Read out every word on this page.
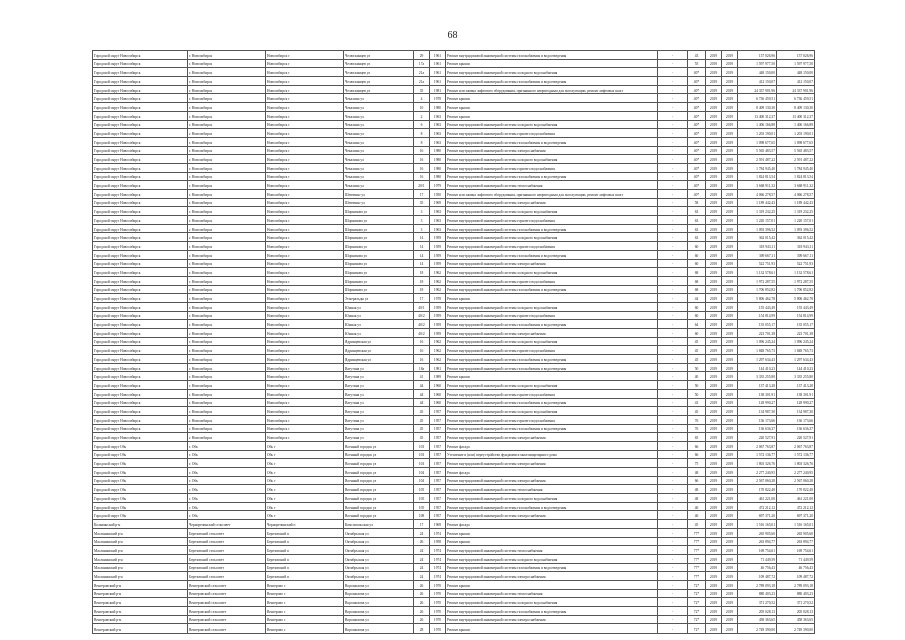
68
Городской округ Новосибирск	г. Новосибирск	Новосибирск г	Челюскинцев ул	29	1961	Ремонт внутридомовой инженерной системы газоснабжения и водоотведения	-	43	2019	2019	157 026,96	157 026,96
Городской округ Новосибирск	г. Новосибирск	Новосибирск г	Челюскинцев ул	17а	1961	Ремонт крыши	-	55	2019	2019	1 597 977,50	1 597 977,50
Городской округ Новосибирск	г. Новосибирск	Новосибирск г	Челюскинцев ул	21а	1961	Ремонт внутридомовой инженерной системы холодного водоснабжения	-	40*	2019	2019	448 150,00	448 150,00
Городской округ Новосибирск	г. Новосибирск	Новосибирск г	Челюскинцев ул	21а	1961	Ремонт внутридомовой инженерной системы газоснабжения и водоотведения	-	40*	2019	2019	412 150,07	412 150,07
Городской округ Новосибирск	г. Новосибирск	Новосибирск г	Челюскинцев ул	35	1981	Ремонт или замена лифтового оборудования, признанного непригодным для эксплуатации, ремонт лифтовых шахт	-	40*	2019	2019	24 337 901,96	24 337 901,96
Городской округ Новосибирск	г. Новосибирск	Новосибирск г	Чекалина ул	4	1978	Ремонт крыши	-	40*	2019	2019	6 736 459,51	6 736 459,51
Городской округ Новосибирск	г. Новосибирск	Новосибирск г	Чекалина ул	10	1980	Ремонт крыши	-	40*	2019	2019	8 409 130,30	8 409 130,30
Городской округ Новосибирск	г. Новосибирск	Новосибирск г	Чекалина ул	2	1963	Ремонт крыши	-	40*	2019	2019	13 400 312,37	13 400 312,37
Городской округ Новосибирск	г. Новосибирск	Новосибирск г	Чекалина ул	6	1963	Ремонт внутридомовой инженерной системы холодного водоснабжения	-	40*	2019	2019	1 406 166,88	1 406 166,88
Городской округ Новосибирск	г. Новосибирск	Новосибирск г	Чекалина ул	8	1963	Ремонт внутридомовой инженерной системы горячего водоснабжения	-	40*	2019	2019	1 203 190,01	1 203 190,01
Городской округ Новосибирск	г. Новосибирск	Новосибирск г	Чекалина ул	8	1963	Ремонт внутридомовой инженерной системы газоснабжения и водоотведения	-	40*	2019	2019	1 098 677,65	1 098 677,65
Городской округ Новосибирск	г. Новосибирск	Новосибирск г	Чекалина ул	16	1980	Ремонт внутридомовой инженерной системы электроснабжения	-	40*	2019	2019	5 565 483,57	5 565 483,57
Городской округ Новосибирск	г. Новосибирск	Новосибирск г	Чекалина ул	16	1980	Ремонт внутридомовой инженерной системы холодного водоснабжения	-	40*	2019	2019	2 591 487,22	2 591 487,22
Городской округ Новосибирск	г. Новосибирск	Новосибирск г	Чекалина ул	16	1980	Ремонт внутридомовой инженерной системы горячего водоснабжения	-	40*	2019	2019	1 784 945,40	1 784 945,40
Городской округ Новосибирск	г. Новосибирск	Новосибирск г	Чекалина ул	16	1980	Ремонт внутридомовой инженерной системы газоснабжения и водоотведения	-	40*	2019	2019	1 824 813,54	1 824 813,54
Городской округ Новосибирск	г. Новосибирск	Новосибирск г	Чекалина ул	20/1	1979	Ремонт внутридомовой инженерной системы теплоснабжения	-	40*	2019	2019	3 668 911,32	3 668 911,32
Городской округ Новосибирск	г. Новосибирск	Новосибирск г	Шевченко ул	17	1950	Ремонт или замена лифтового оборудования, признанного непригодным для эксплуатации, ремонт лифтовых шахт	-	40*	2019	2019	4 066 278,57	4 066 278,57
Городской округ Новосибирск	г. Новосибирск	Новосибирск г	Шевченко ул	35	1969	Ремонт внутридомовой инженерной системы электроснабжения	-	58	2019	2019	1 189 442,43	1 189 442,43
Городской округ Новосибирск	г. Новосибирск	Новосибирск г	Шорникова ул	3	1963	Ремонт внутридомовой инженерной системы холодного водоснабжения	-	63	2019	2019	1 319 232,25	1 319 232,25
Городской округ Новосибирск	г. Новосибирск	Новосибирск г	Шорникова ул	3	1963	Ремонт внутридомовой инженерной системы горячего водоснабжения	-	63	2019	2019	1 220 157,01	1 220 157,01
Городской округ Новосибирск	г. Новосибирск	Новосибирск г	Шорникова ул	3	1963	Ремонт внутридомовой инженерной системы газоснабжения и водоотведения	-	63	2019	2019	1 093 396,52	1 093 396,52
Городской округ Новосибирск	г. Новосибирск	Новосибирск г	Шорникова ул	14	1959	Ремонт внутридомовой инженерной системы холодного водоснабжения	-	63	2019	2019	362 015,42	362 015,42
Городской округ Новосибирск	г. Новосибирск	Новосибирск г	Шорникова ул	14	1959	Ремонт внутридомовой инженерной системы горячего водоснабжения	-	60	2019	2019	318 943,11	318 943,11
Городской округ Новосибирск	г. Новосибирск	Новосибирск г	Шорникова ул	14	1959	Ремонт внутридомовой инженерной системы газоснабжения и водоотведения	-	60	2019	2019	309 667,11	309 667,11
Городской округ Новосибирск	г. Новосибирск	Новосибирск г	Шорникова ул	14	1959	Ремонт внутридомовой инженерной системы электроснабжения	-	60	2019	2019	522 751,93	522 751,93
Городской округ Новосибирск	г. Новосибирск	Новосибирск г	Шорникова ул	18	1962	Ремонт внутридомовой инженерной системы холодного водоснабжения	-	68	2019	2019	1 132 578,61	1 132 578,61
Городской округ Новосибирск	г. Новосибирск	Новосибирск г	Шорникова ул	18	1962	Ремонт внутридомовой инженерной системы горячего водоснабжения	-	68	2019	2019	1 972 287,55	1 972 287,55
Городской округ Новосибирск	г. Новосибирск	Новосибирск г	Шорникова ул	18	1962	Ремонт внутридомовой инженерной системы газоснабжения и водоотведения	-	68	2019	2019	1 706 852,82	1 706 852,82
Городской округ Новосибирск	г. Новосибирск	Новосибирск г	Эсмеральды ул	17	1978	Ремонт крыши	-	44	2019	2019	5 806 462,78	5 806 462,78
Городской округ Новосибирск	г. Новосибирск	Новосибирск г	Южная ул	40/1	1959	Ремонт внутридомовой инженерной системы холодного водоснабжения	-	60	2019	2019	155 443,49	155 443,49
Городской округ Новосибирск	г. Новосибирск	Новосибирск г	Южная ул	40/2	1959	Ремонт внутридомовой инженерной системы горячего водоснабжения	-	60	2019	2019	154 814,99	154 814,99
Городской округ Новосибирск	г. Новосибирск	Новосибирск г	Южная ул	40/2	1959	Ремонт внутридомовой инженерной системы газоснабжения и водоотведения	-	64	2019	2019	135 055,17	135 055,17
Городской округ Новосибирск	г. Новосибирск	Новосибирск г	Южная ул	40/2	1959	Ремонт внутридомовой инженерной системы электроснабжения	-	60	2019	2019	223 701,38	223 701,38
Городской округ Новосибирск	г. Новосибирск	Новосибирск г	Ядринцевская ул	16	1962	Ремонт внутридомовой инженерной системы холодного водоснабжения	-	45	2019	2019	1 096 245,24	1 096 245,24
Городской округ Новосибирск	г. Новосибирск	Новосибирск г	Ядринцевская ул	16	1962	Ремонт внутридомовой инженерной системы горячего водоснабжения	-	45	2019	2019	1 848 765,73	1 848 765,73
Городской округ Новосибирск	г. Новосибирск	Новосибирск г	Ядринцевская ул	16	1962	Ремонт внутридомовой инженерной системы газоснабжения и водоотведения	-	45	2019	2019	1 297 634,43	1 297 634,43
Городской округ Новосибирск	г. Новосибирск	Новосибирск г	Ватутина ул	18а	1981	Ремонт внутридомовой инженерной системы газоснабжения и водоотведения	-	50	2019	2019	144 410,23	144 410,23
Городской округ Новосибирск	г. Новосибирск	Новосибирск г	Ватутина ул	41	1989	Ремонт крыши	-	40	2019	2019	3 335 255,80	3 335 255,80
Городской округ Новосибирск	г. Новосибирск	Новосибирск г	Ватутина ул	44	1960	Ремонт внутридомовой инженерной системы холодного водоснабжения	-	50	2019	2019	137 413,28	137 413,28
Городской округ Новосибирск	г. Новосибирск	Новосибирск г	Ватутина ул	44	1960	Ремонт внутридомовой инженерной системы горячего водоснабжения	-	50	2019	2019	138 301,91	138 301,91
Городской округ Новосибирск	г. Новосибирск	Новосибирск г	Ватутина ул	44	1960	Ремонт внутридомовой инженерной системы газоснабжения и водоотведения	-	43	2019	2019	128 990,27	128 990,27
Городской округ Новосибирск	г. Новосибирск	Новосибирск г	Ватутина ул	45	1957	Ремонт внутридомовой инженерной системы холодного водоснабжения	-	45	2019	2019	134 987,30	134 987,30
Городской округ Новосибирск	г. Новосибирск	Новосибирск г	Ватутина ул	45	1957	Ремонт внутридомовой инженерной системы горячего водоснабжения	-	76	2019	2019	136 173,66	136 173,66
Городской округ Новосибирск	г. Новосибирск	Новосибирск г	Ватутина ул	45	1957	Ремонт внутридомовой инженерной системы газоснабжения и водоотведения	-	76	2019	2019	136 636,37	136 636,37
Городской округ Новосибирск	г. Новосибирск	Новосибирск г	Ватутина ул	45	1957	Ремонт внутридомовой инженерной системы электроснабжения	-	65	2019	2019	220 527,91	220 527,91
Городской округ Обь	г. Обь	Обь г	Военный городок ул	103	1957	Ремонт фасада	-	66	2019	2019	2 067 763,87	2 067 763,87
Городской округ Обь	г. Обь	Обь г	Военный городок ул	103	1957	Утепление и (или) переустройство фундамента многоквартирного дома	-	66	2019	2019	1 572 136,77	1 572 136,77
Городской округ Обь	г. Обь	Обь г	Военный городок ул	103	1957	Ремонт внутридомовой инженерной системы электроснабжения	-	75	2019	2019	1 803 326,76	1 803 326,76
Городской округ Обь	г. Обь	Обь г	Военный городок ул	104	1957	Ремонт фасада	-	48	2019	2019	2 277 240,95	2 277 240,95
Городской округ Обь	г. Обь	Обь г	Военный городок ул	104	1957	Ремонт внутридомовой инженерной системы электроснабжения	-	66	2019	2019	2 567 060,28	2 567 060,28
Городской округ Обь	г. Обь	Обь г	Военный городок ул	105	1957	Ремонт внутридомовой инженерной системы теплоснабжения	-	48	2019	2019	170 822,40	170 822,40
Городской округ Обь	г. Обь	Обь г	Военный городок ул	105	1957	Ремонт внутридомовой инженерной системы холодного водоснабжения	-	48	2019	2019	461 221,00	461 221,00
Городской округ Обь	г. Обь	Обь г	Военный городок ул	105	1957	Ремонт внутридомовой инженерной системы газоснабжения и водоотведения	-	46	2019	2019	472 212,12	472 212,12
Городской округ Обь	г. Обь	Обь г	Военный городок ул	108	1957	Ремонт внутридомовой инженерной системы электроснабжения	-	46	2019	2019	697 371,20	697 371,20
Колыванский р-н	Черноречинский сельсовет	Черноречинский п	Комсомольская ул	17	1969	Ремонт фасада	-	45	2019	2019	1 516 165,01	1 516 165,01
Маслянинский р-н	Березовский сельсовет	Березовский п	Октябрьская ул	24	1974	Ремонт крыши	-	77*	2019	2019	265 905,60	265 905,60
Маслянинский р-н	Березовский сельсовет	Березовский п	Октябрьская ул	26	1958	Ремонт крыши	-	77*	2019	2019	263 894,77	263 894,77
Маслянинский р-н	Березовский сельсовет	Березовский п	Октябрьская ул	24	1974	Ремонт внутридомовой инженерной системы теплоснабжения	-	77*	2019	2019	169 754,61	169 754,61
Маслянинский р-н	Березовский сельсовет	Березовский п	Октябрьская ул	24	1974	Ремонт внутридомовой инженерной системы холодного водоснабжения	-	77*	2019	2019	71 449,59	71 449,59
Маслянинский р-н	Березовский сельсовет	Березовский п	Октябрьская ул	24	1974	Ремонт внутридомовой инженерной системы газоснабжения и водоотведения	-	77*	2019	2019	46 756,43	46 756,43
Маслянинский р-н	Березовский сельсовет	Березовский п	Октябрьская ул	24	1974	Ремонт внутридомовой инженерной системы электроснабжения	-	77*	2019	2019	109 487,72	109 487,72
Венгеровский р-н	Венгеровский сельсовет	Венгерово с	Ворошилова ул	26	1970	Ремонт крыши	-	72*	2019	2019	2 789 093,18	2 789 093,18
Венгеровский р-н	Венгеровский сельсовет	Венгерово с	Ворошилова ул	26	1970	Ремонт внутридомовой инженерной системы теплоснабжения	-	72*	2019	2019	880 403,23	880 403,23
Венгеровский р-н	Венгеровский сельсовет	Венгерово с	Ворошилова ул	26	1970	Ремонт внутридомовой инженерной системы холодного водоснабжения	-	72*	2019	2019	371 270,52	371 270,52
Венгеровский р-н	Венгеровский сельсовет	Венгерово с	Ворошилова ул	26	1970	Ремонт внутридомовой инженерной системы газоснабжения и водоотведения	-	72*	2019	2019	205 028,13	205 028,13
Венгеровский р-н	Венгеровский сельсовет	Венгерово с	Ворошилова ул	26	1970	Ремонт внутридомовой инженерной системы электроснабжения	-	72*	2019	2019	458 363,65	458 363,65
Венгеровский р-н	Венгеровский сельсовет	Венгерово с	Ворошилова ул	28	1970	Ремонт крыши	-	72*	2019	2019	2 749 390,00	2 749 390,00
